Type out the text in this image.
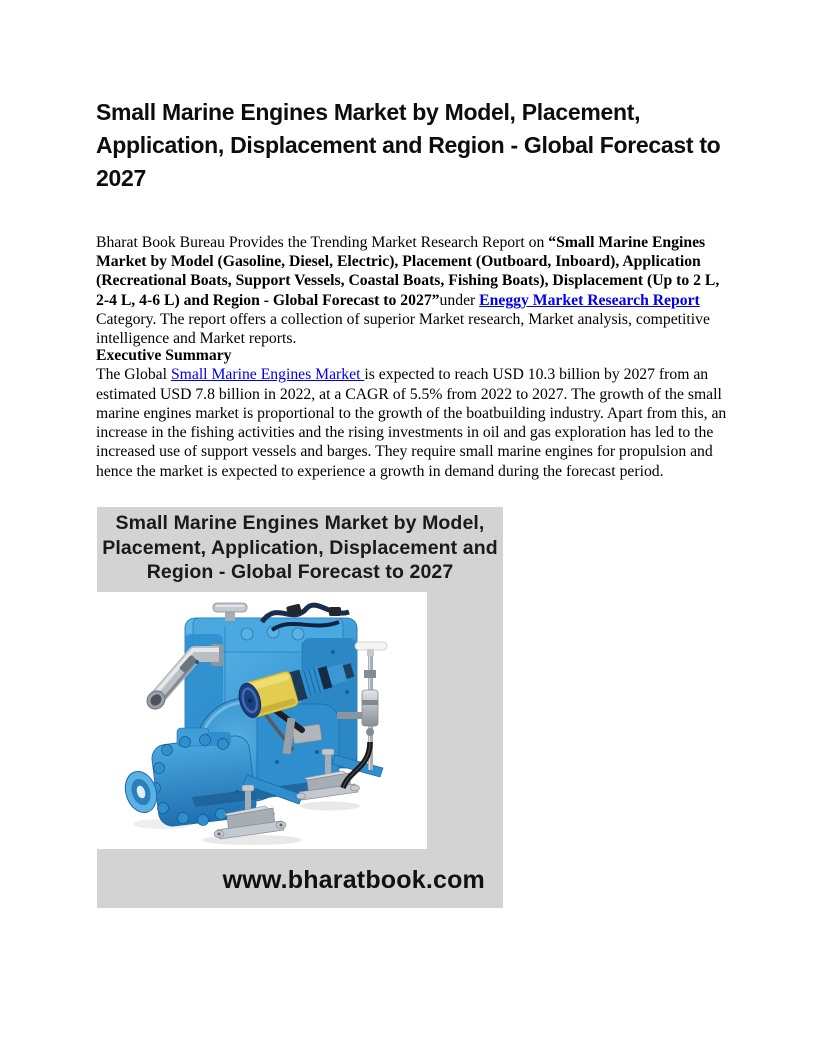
Small Marine Engines Market by Model, Placement,
Application, Displacement and Region - Global Forecast to
2027

Bharat Book Bureau Provides the Trending Market Research Report on “Small Marine Engines Market by Model (Gasoline, Diesel, Electric), Placement (Outboard, Inboard), Application (Recreational Boats, Support Vessels, Coastal Boats, Fishing Boats), Displacement (Up to 2 L, 2-4 L, 4-6 L) and Region - Global Forecast to 2027”under Eneggy Market Research Report Category. The report offers a collection of superior Market research, Market analysis, competitive intelligence and Market reports.

Executive Summary
The Global Small Marine Engines Market is expected to reach USD 10.3 billion by 2027 from an estimated USD 7.8 billion in 2022, at a CAGR of 5.5% from 2022 to 2027. The growth of the small marine engines market is proportional to the growth of the boatbuilding industry. Apart from this, an increase in the fishing activities and the rising investments in oil and gas exploration has led to the increased use of support vessels and barges. They require small marine engines for propulsion and hence the market is expected to experience a growth in demand during the forecast period.
Small Marine Engines Market by Model,
Placement, Application, Displacement and
Region - Global Forecast to 2027
www.bharatbook.com
